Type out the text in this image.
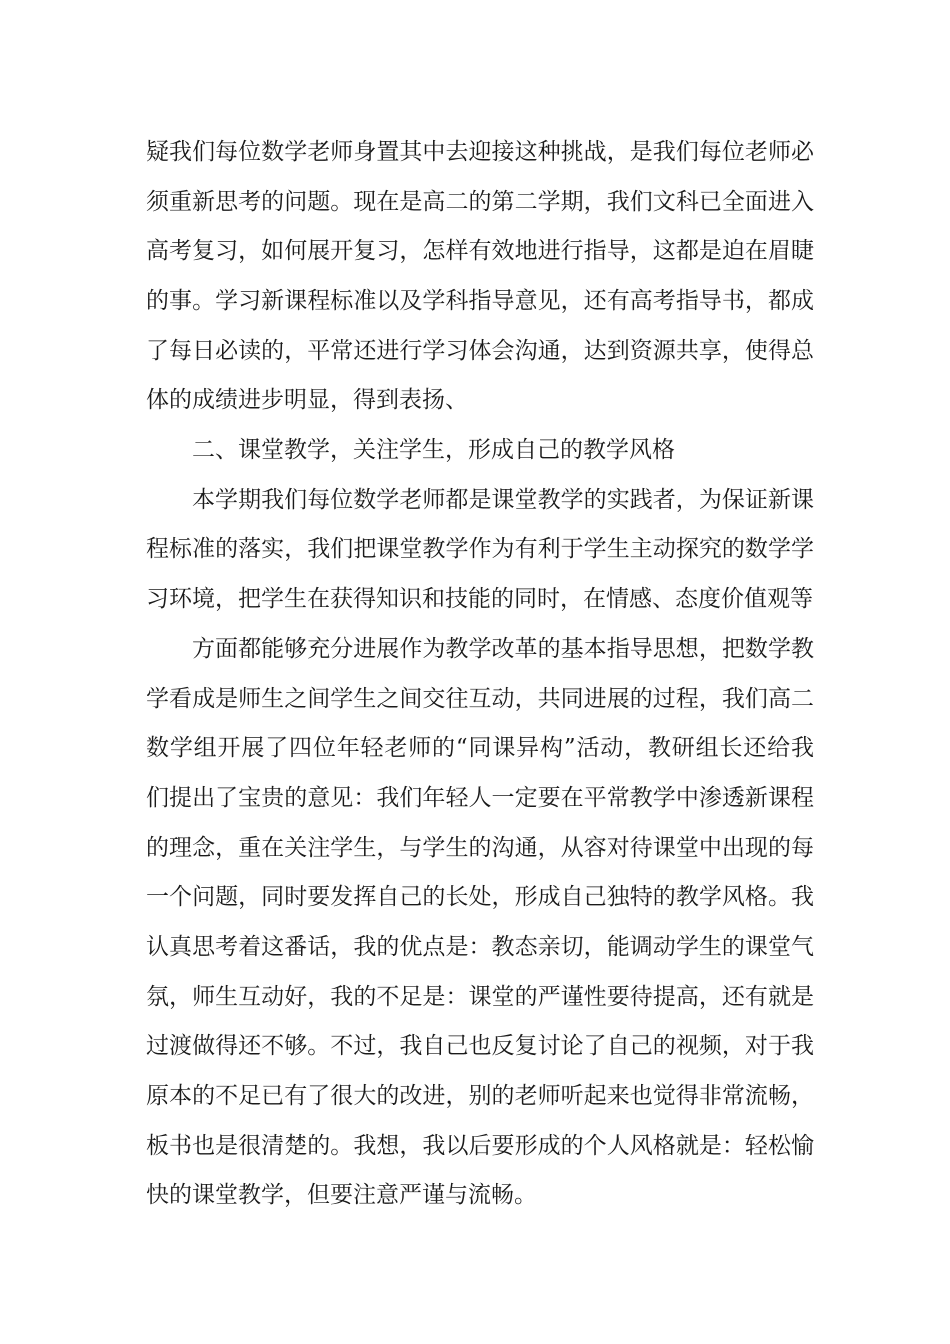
疑我们每位数学老师身置其中去迎接这种挑战，是我们每位老师必
须重新思考的问题。现在是高二的第二学期，我们文科已全面进入
高考复习，如何展开复习，怎样有效地进行指导，这都是迫在眉睫
的事。学习新课程标准以及学科指导意见，还有高考指导书，都成
了每日必读的，平常还进行学习体会沟通，达到资源共享，使得总
体的成绩进步明显，得到表扬、
二、课堂教学，关注学生，形成自己的教学风格
本学期我们每位数学老师都是课堂教学的实践者，为保证新课
程标准的落实，我们把课堂教学作为有利于学生主动探究的数学学
习环境，把学生在获得知识和技能的同时，在情感、态度价值观等
方面都能够充分进展作为教学改革的基本指导思想，把数学教
学看成是师生之间学生之间交往互动，共同进展的过程，我们高二
数学组开展了四位年轻老师的“同课异构”活动，教研组长还给我
们提出了宝贵的意见：我们年轻人一定要在平常教学中渗透新课程
的理念，重在关注学生，与学生的沟通，从容对待课堂中出现的每
一个问题，同时要发挥自己的长处，形成自己独特的教学风格。我
认真思考着这番话，我的优点是：教态亲切，能调动学生的课堂气
氛，师生互动好，我的不足是：课堂的严谨性要待提高，还有就是
过渡做得还不够。不过，我自己也反复讨论了自己的视频，对于我
原本的不足已有了很大的改进，别的老师听起来也觉得非常流畅，
板书也是很清楚的。我想，我以后要形成的个人风格就是：轻松愉
快的课堂教学，但要注意严谨与流畅。
